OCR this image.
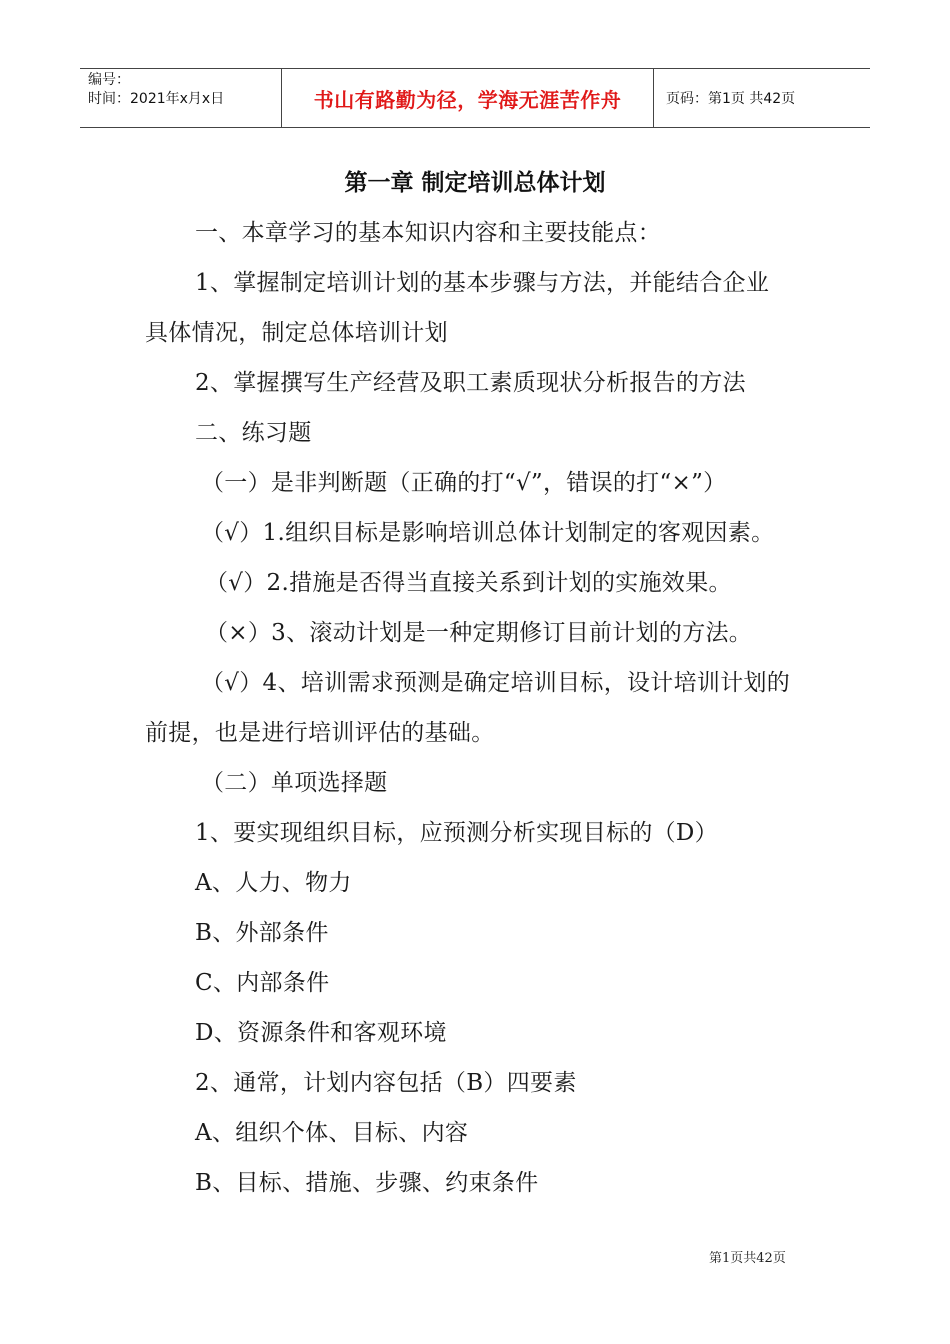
编号：
时间：2021年x月x日	书山有路勤为径，学海无涯苦作舟	页码：第1页 共42页
第一章 制定培训总体计划
一、本章学习的基本知识内容和主要技能点：
1、掌握制定培训计划的基本步骤与方法，并能结合企业
具体情况，制定总体培训计划
2、掌握撰写生产经营及职工素质现状分析报告的方法
二、练习题
（一）是非判断题（正确的打“√”，错误的打“×”）
（√）1.组织目标是影响培训总体计划制定的客观因素。
（√）2.措施是否得当直接关系到计划的实施效果。
（×）3、滚动计划是一种定期修订目前计划的方法。
（√）4、培训需求预测是确定培训目标，设计培训计划的
前提，也是进行培训评估的基础。
（二）单项选择题
1、要实现组织目标，应预测分析实现目标的（D）
A、人力、物力
B、外部条件
C、内部条件
D、资源条件和客观环境
2、通常，计划内容包括（B）四要素
A、组织个体、目标、内容
B、目标、措施、步骤、约束条件
第1页共42页
